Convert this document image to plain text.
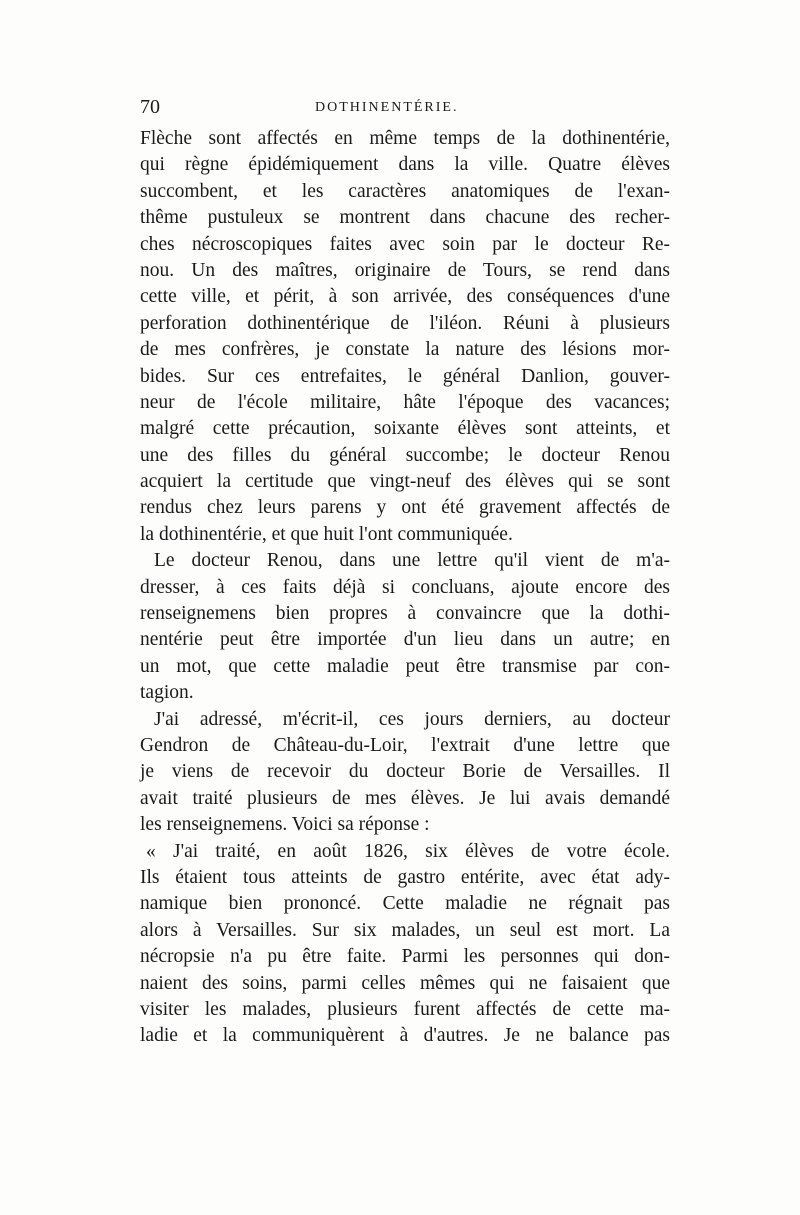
70	DOTHINENTÉRIE.
Flèche sont affectés en même temps de la dothinentérie,
qui règne épidémiquement dans la ville. Quatre élèves
succombent, et les caractères anatomiques de l'exan-
thême pustuleux se montrent dans chacune des recher-
ches nécroscopiques faites avec soin par le docteur Re-
nou. Un des maîtres, originaire de Tours, se rend dans
cette ville, et périt, à son arrivée, des conséquences d'une
perforation dothinentérique de l'iléon. Réuni à plusieurs
de mes confrères, je constate la nature des lésions mor-
bides. Sur ces entrefaites, le général Danlion, gouver-
neur de l'école militaire, hâte l'époque des vacances;
malgré cette précaution, soixante élèves sont atteints, et
une des filles du général succombe; le docteur Renou
acquiert la certitude que vingt-neuf des élèves qui se sont
rendus chez leurs parens y ont été gravement affectés de
la dothinentérie, et que huit l'ont communiquée.
Le docteur Renou, dans une lettre qu'il vient de m'a-
dresser, à ces faits déjà si concluans, ajoute encore des
renseignemens bien propres à convaincre que la dothi-
nentérie peut être importée d'un lieu dans un autre; en
un mot, que cette maladie peut être transmise par con-
tagion.
J'ai adressé, m'écrit-il, ces jours derniers, au docteur
Gendron de Château-du-Loir, l'extrait d'une lettre que
je viens de recevoir du docteur Borie de Versailles. Il
avait traité plusieurs de mes élèves. Je lui avais demandé
les renseignemens. Voici sa réponse :
« J'ai traité, en août 1826, six élèves de votre école.
Ils étaient tous atteints de gastro entérite, avec état ady-
namique bien prononcé. Cette maladie ne régnait pas
alors à Versailles. Sur six malades, un seul est mort. La
nécropsie n'a pu être faite. Parmi les personnes qui don-
naient des soins, parmi celles mêmes qui ne faisaient que
visiter les malades, plusieurs furent affectés de cette ma-
ladie et la communiquèrent à d'autres. Je ne balance pas
